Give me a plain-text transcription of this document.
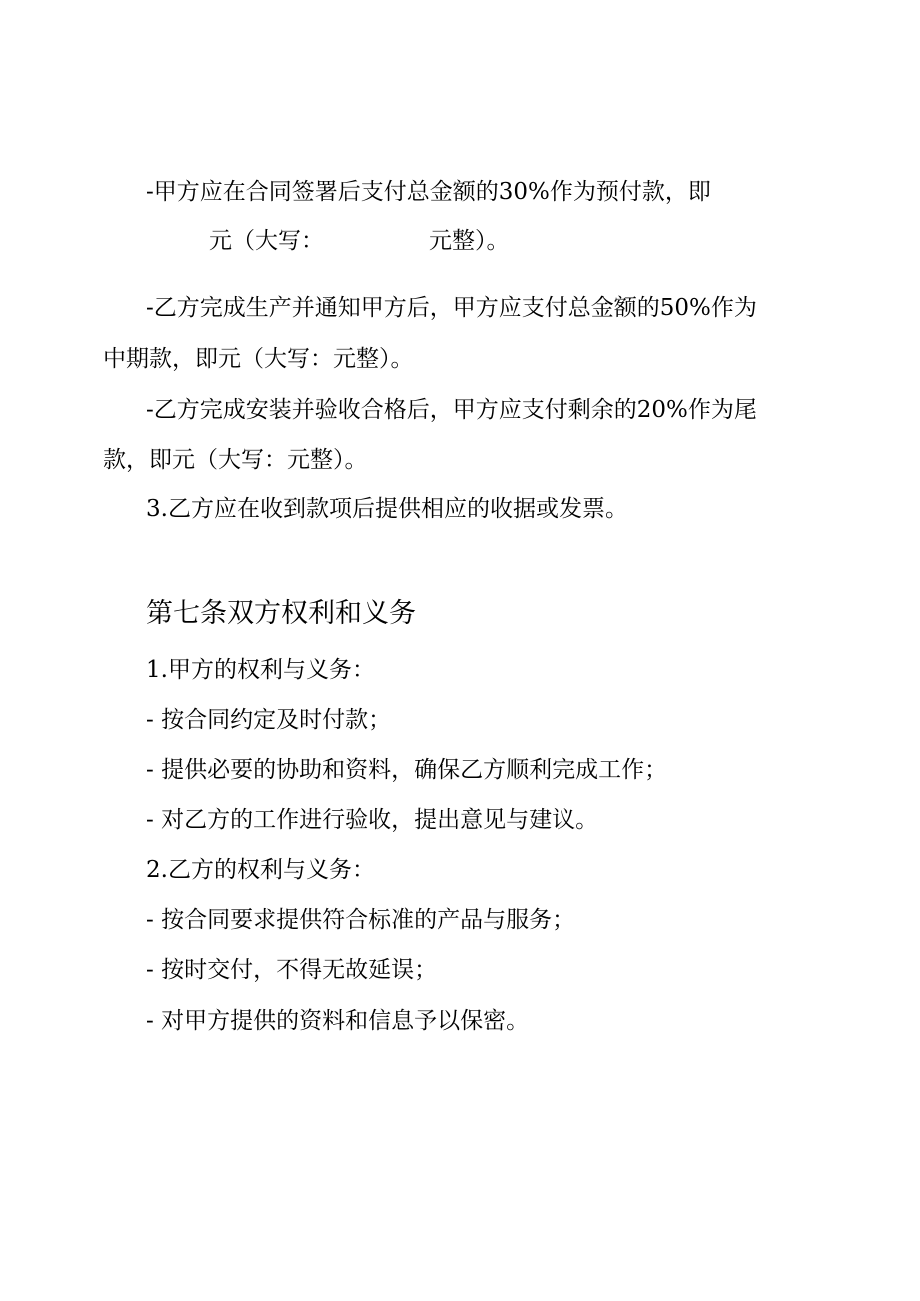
-甲方应在合同签署后支付总金额的30%作为预付款，即
元（大写：	元整）。
-乙方完成生产并通知甲方后，甲方应支付总金额的50%作为
中期款，即元（大写：元整）。
-乙方完成安装并验收合格后，甲方应支付剩余的20%作为尾
款，即元（大写：元整）。
3.乙方应在收到款项后提供相应的收据或发票。
第七条双方权利和义务
1.甲方的权利与义务：
- 按合同约定及时付款；
- 提供必要的协助和资料，确保乙方顺利完成工作；
- 对乙方的工作进行验收，提出意见与建议。
2.乙方的权利与义务：
- 按合同要求提供符合标准的产品与服务；
- 按时交付，不得无故延误；
- 对甲方提供的资料和信息予以保密。
